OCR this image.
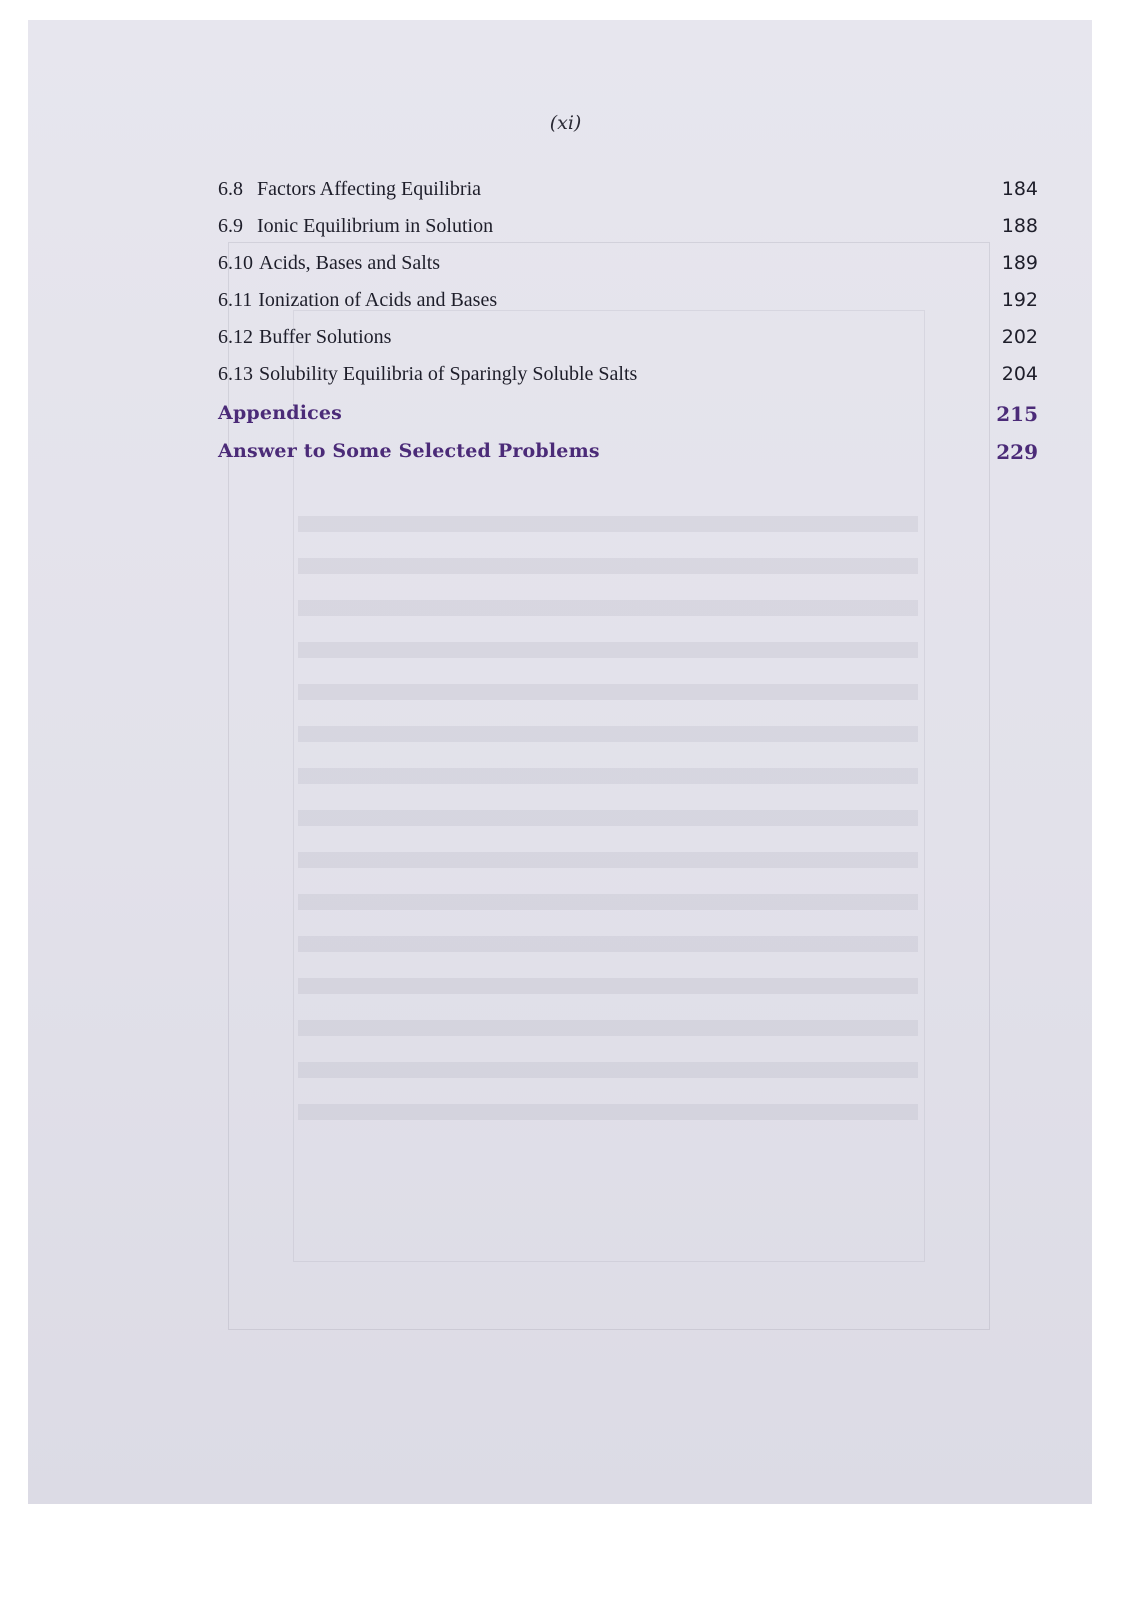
(xi)
6.8 Factors Affecting Equilibria	184
6.9 Ionic Equilibrium in Solution	188
6.10 Acids, Bases and Salts	189
6.11 Ionization of Acids and Bases	192
6.12 Buffer Solutions	202
6.13 Solubility Equilibria of Sparingly Soluble Salts	204
Appendices	215
Answer to Some Selected Problems	229
